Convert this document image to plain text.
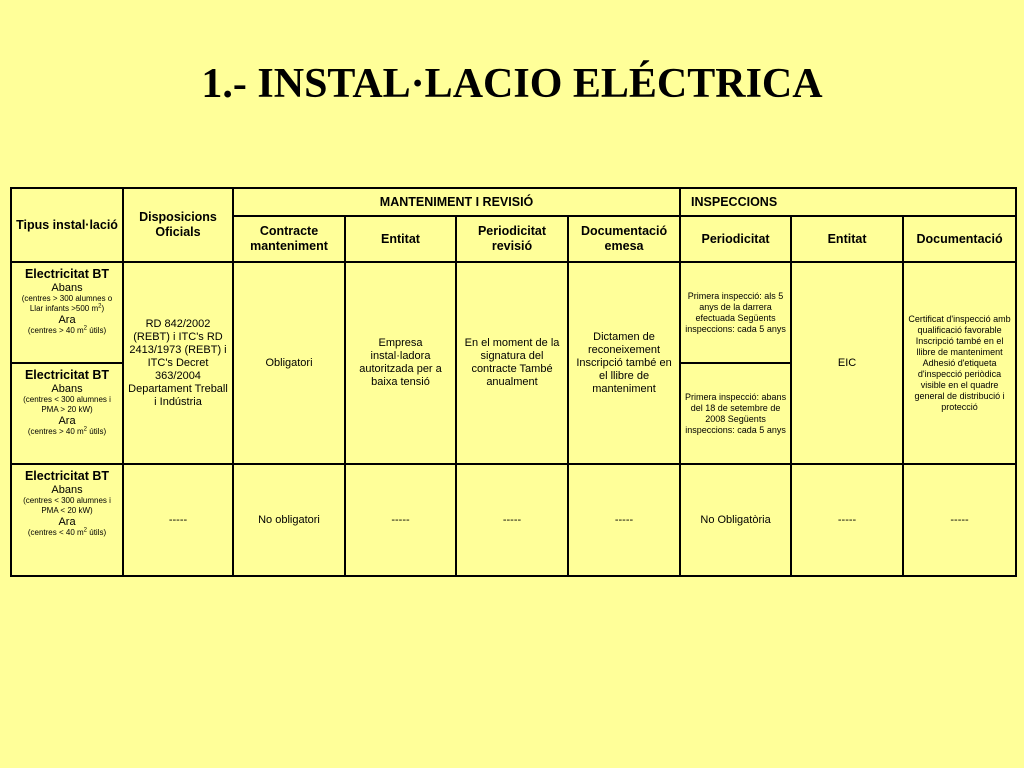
1.- INSTAL·LACIO ELÉCTRICA
Tipus instal·lació	Disposicions Oficials	MANTENIMENT I REVISIÓ				INSPECCIONS		
		Contracte manteniment	Entitat	Periodicitat revisió	Documentació emesa	Periodicitat	Entitat	Documentació

Electricitat BT
Abans
(centres > 300 alumnes o Llar infants >500 $m^2$)
Ara
(centres > 40 $m^2$ útils)	RD 842/2002 (REBT) i ITC's RD 2413/1973 (REBT) i ITC's Decret 363/2004 Departament Treball i Indústria	Obligatori	Empresa instal·ladora autoritzada per a baixa tensió	En el moment de la signatura del contracte També anualment	Dictamen de reconeixement Inscripció també en el llibre de manteniment	Primera inspecció: als 5 anys de la darrera efectuada Següents inspeccions: cada 5 anys	EIC	Certificat d'inspecció amb qualificació favorable Inscripció també en el llibre de manteniment Adhesió d'etiqueta d'inspecció periòdica visible en el quadre general de distribució i protecció

Electricitat BT
Abans
(centres < 300 alumnes i PMA > 20 kW)
Ara
(centres > 40 $m^2$ útils)						Primera inspecció: abans del 18 de setembre de 2008 Següents inspeccions: cada 5 anys		

Electricitat BT
Abans
(centres < 300 alumnes i PMA < 20 kW)
Ara
(centres < 40 $m^2$ útils)	-----	No obligatori	-----	-----	-----	No Obligatòria	-----	-----
